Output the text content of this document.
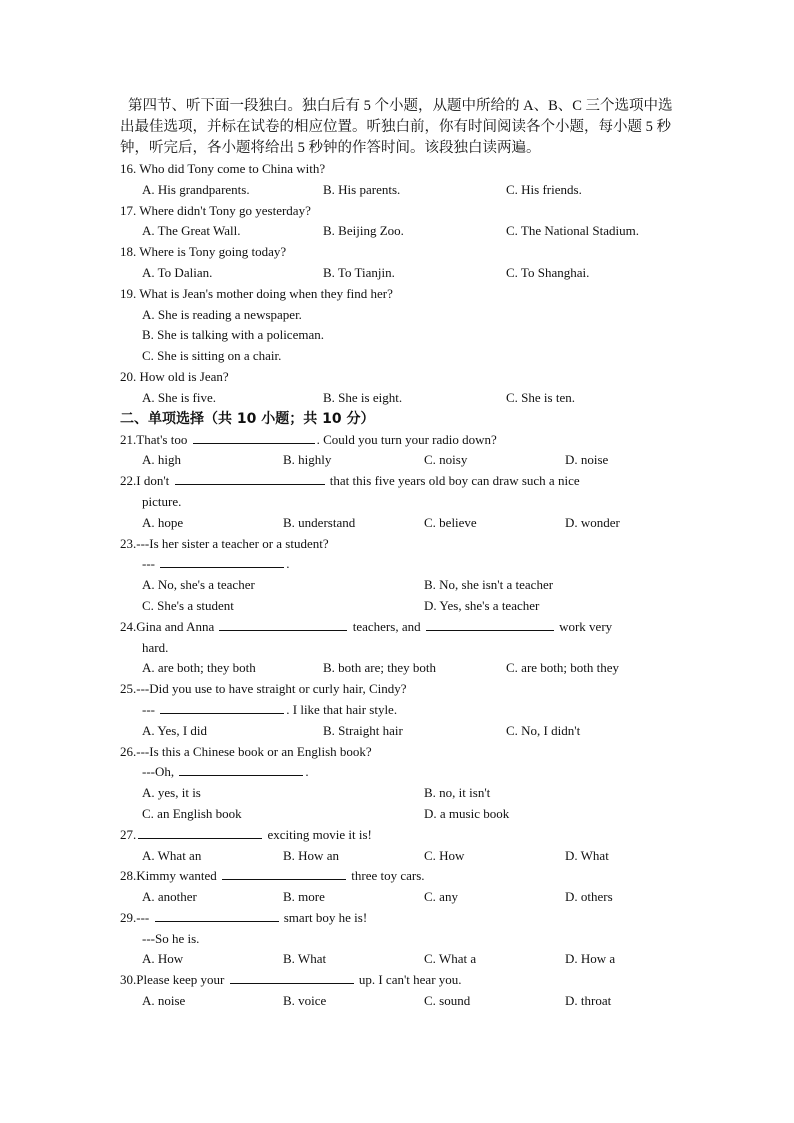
第四节、听下面一段独白。独白后有 5 个小题，从题中所给的 A、B、C 三个选项中选出最佳选项，并标在试卷的相应位置。听独白前，你有时间阅读各个小题，每小题 5 秒钟，听完后，各小题将给出 5 秒钟的作答时间。该段独白读两遍。

16. Who did Tony come to China with?
A. His grandparents.	B. His parents.	C. His friends.
17. Where didn't Tony go yesterday?
A. The Great Wall.	B. Beijing Zoo.	C. The National Stadium.
18. Where is Tony going today?
A. To Dalian.	B. To Tianjin.	C. To Shanghai.
19. What is Jean's mother doing when they find her?
A. She is reading a newspaper.
B. She is talking with a policeman.
C. She is sitting on a chair.
20. How old is Jean?
A. She is five.	B. She is eight.	C. She is ten.
二、单项选择（共 10 小题；共 10 分）
21.That's too	. Could you turn your radio down?
A. high	B. highly	C. noisy	D. noise
22.I don't	that this five years old boy can draw such a nice
picture.
A. hope	B. understand	C. believe	D. wonder
23.---Is her sister a teacher or a student?
---	.
A. No, she's a teacher	B. No, she isn't a teacher
C. She's a student	D. Yes, she's a teacher
24.Gina and Anna	teachers, and	work very
hard.
A. are both; they both	B. both are; they both	C. are both; both they
25.---Did you use to have straight or curly hair, Cindy?
---	. I like that hair style.
A. Yes, I did	B. Straight hair	C. No, I didn't
26.---Is this a Chinese book or an English book?
---Oh,	.
A. yes, it is	B. no, it isn't
C. an English book	D. a music book
27.	exciting movie it is!
A. What an	B. How an	C. How	D. What
28.Kimmy wanted	three toy cars.
A. another	B. more	C. any	D. others
29.---	smart boy he is!
---So he is.
A. How	B. What	C. What a	D. How a
30.Please keep your	up. I can't hear you.
A. noise	B. voice	C. sound	D. throat
